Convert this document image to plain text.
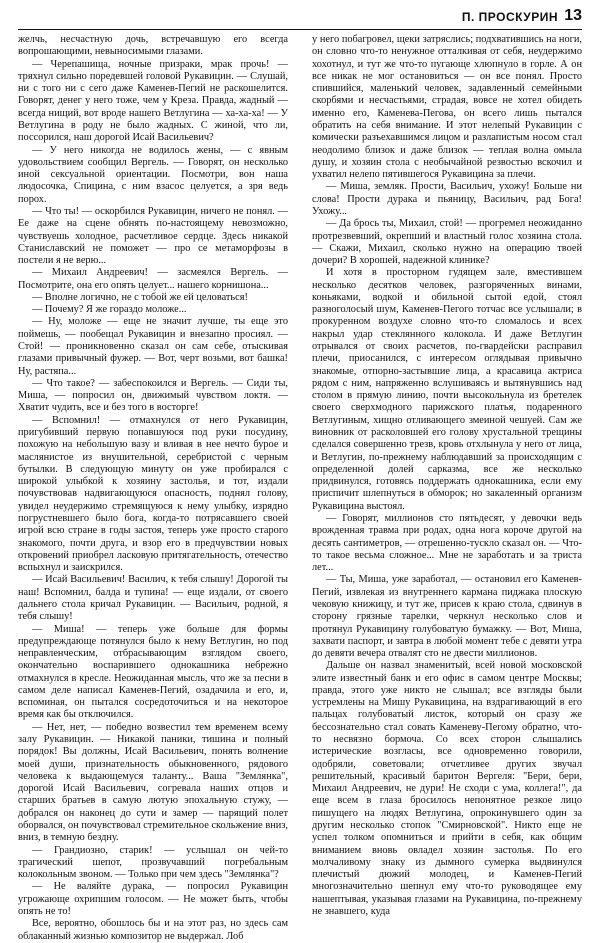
П. ПРОСКУРИН 13

желчь, несчастную дочь, встречавшую его всегда вопрошающими, невыносимыми глазами.

— Черепашища, ночные призраки, мрак прочь! — тряхнул сильно поредевшей головой Рукавицин. — Слушай, ни с того ни с сего даже Каменев-Пегий не раскошелится. Говорят, денег у него тоже, чем у Креза. Правда, жадный — всегда нищий, вот вроде нашего Ветлугина — ха-ха-ха! — У Ветлугина в роду не было жадных. С жиной, что ли, поссорился, наш дорогой Исай Васильевич?

— У него никогда не водилось жены, — с явным удовольствием сообщил Вергель. — Говорят, он несколько иной сексуальной ориентации. Посмотри, вон наша людосочка, Спицина, с ним взасос целуется, а зря ведь порох.

— Что ты! — оскорбился Рукавицин, ничего не понял. — Ее даже на сцене обнять по-настоящему невозможно, чувствуешь холодное, расчетливое сердце. Здесь никакой Станиславский не поможет — про се метаморфозы в постели я не верю...

— Михаил Андреевич! — засмеялся Вергель. — Посмотрите, она его опять целует... нашего корнишона...

— Вполне логично, не с тобой же ей целоваться!

— Почему? Я же гораздо моложе...

— Ну, моложе — еще не значит лучше, ты еще это поймешь, — пообещал Рукавицин и внезапно просиял. — Стой! — проникновенно сказал он сам себе, отыскивая глазами привычный фужер. — Вот, черт возьми, вот башка! Ну, растяпа...

— Что такое? — забеспокоился и Вергель. — Сиди ты, Миша, — попросил он, движимый чувством локтя. — Хватит чудить, все и без того в восторге!

— Вспомнил! — отмахнулся от него Рукавицин, пригубивший первую попавшуюся под руки посудину, похожую на небольшую вазу и вливая в нее нечто бурое и маслянистое из внушительной, серебристой с черным бутылки. В следующую минуту он уже пробирался с широкой улыбкой к хозяину застолья, и тот, издали почувствовав надвигающуюся опасность, поднял голову, увидел неудержимо стремящуюся к нему улыбку, изрядно погрустневшего было бога, когда-то потрясавшего своей игрой всю стране в годы застоя, теперь уже просто старого знакомого, почти друга, и взор его в предчувствии новых откровений приобрел ласковую притягательность, отечество вспыхнул и заискрился.

— Исай Васильевич! Василич, к тебя слышу! Дорогой ты наш! Вспомнил, балда и тупина! — еще издали, от своего дальнего стола кричал Рукавицин. — Васильич, родной, я тебя слышу!

— Миша! — теперь уже больше для формы предупреждающе потянулся было к нему Ветлугин, но под неправленческим, отбрасывающим взглядом своего, окончательно воспарившего однокашника небрежно отмахнулся в кресле. Неожиданная мысль, что же за песни в самом деле написал Каменев-Пегий, озадачила и его, и, вспоминая, он пытался сосредоточиться и на некоторое время как бы отключился.

— Нет, нет, — победно возвестил тем временем всему залу Рукавицин. — Никакой паники, тишина и полный порядок! Вы должны, Исай Васильевич, понять волнение моей души, признательность обыкновенного, рядового человека к выдающемуся таланту... Ваша "Землянка", дорогой Исай Васильевич, согревала наших отцов и старших братьев в самую лютую эпохальную стужу, — добрался он наконец до сути и замер — парящий полет оборвался, он почувствовал стремительное скольжение вниз, вниз, в темную бездну.

— Грандиозно, старик! — услышал он чей-то трагический шепот, прозвучавший погребальным колокольным звоном. — Только при чем здесь "Землянка"?

— Не валяйте дурака, — попросил Рукавицин угрожающе охрипшим голосом. — Не может быть, чтобы опять не то!

Все, вероятно, обошлось бы и на этот раз, но здесь сам облаканный жизнью композитор не выдержал. Лоб

у него побагровел, щеки затряслись; подхватившись на ноги, он словно что-то ненужное отталкивая от себя, неудержимо хохотнул, и тут же что-то пугающе хлюпнуло в горле. А он все никак не мог остановиться — он все понял. Просто спившийся, маленький человек, задавленный семейными скорбями и несчастьями, страдая, вовсе не хотел обидеть именно его, Каменева-Пегова, он всего лишь пытался обратить на себя внимание. И этот нелепый Рукавицин с комически разъехавшимся лицом и разлапистым носом стал неодолимо близок и даже близок — теплая волна омыла душу, и хозяин стола с необычайной резвостью вскочил и ухватил нелепо пятившегося Рукавицина за плечи.

— Миша, земляк. Прости, Васильич, ухожу! Больше ни слова! Прости дурака и пьяницу, Васильич, рад Бога! Ухожу...

— Да брось ты, Михаил, стой! — прогремел неожиданно протрезвевший, окрепший и властный голос хозяина стола. — Скажи, Михаил, сколько нужно на операцию твоей дочери? В хорошей, надежной клинике?

И хотя в просторном гудящем зале, вместившем несколько десятков человек, разгоряченных винами, коньяками, водкой и обильной сытой едой, стоял разноголосый шум, Каменев-Пегого тотчас все услышали; в прокуренном воздухе словно что-то сломалось и всех накрыл удар стеклянного колокола. И даже Ветлугин отрывался от своих расчетов, по-гвардейски расправил плечи, приосанился, с интересом оглядывая привычно знакомые, отпорно-застывшие лица, а красавица актриса рядом с ним, напряженно вслушиваясь и вытянувшись над столом в прямую линию, почти высокольнула из бретелек своего сверхмодного парижского платья, подаренного Ветлугиным, хищно отливающего змеиной чешуей. Сам же виновник от расколовшей его голову хрустальной трещины сделался совершенно трезв, кровь отхлынула у него от лица, и Ветлугин, по-прежнему наблюдавший за происходящим с определенной долей сарказма, все же несколько придвинулся, готовясь поддержать однокашника, если ему приспичит шлепнуться в обморок; но закаленный организм Рукавицина выстоял.

— Говорят, миллионов сто пятьдесят, у девочки ведь врожденная травма при родах, одна нога короче другой на десять сантиметров, — отрешенно-тускло сказал он. — Что-то такое весьма сложное... Мне не заработать и за триста лет...

— Ты, Миша, уже заработал, — остановил его Каменев-Пегий, извлекая из внутреннего кармана пиджака плоскую чековую книжицу, и тут же, присев к краю стола, сдвинув в сторону грязные тарелки, черкнул несколько слов и протянул Рукавицину голубоватую бумажку. — Вот, Миша, захвати паспорт, и завтра в любой момент тебе с девяти утра до девяти вечера отвалят сто не двести миллионов.

Дальше он назвал знаменитый, всей новой московской элите известный банк и его офис в самом центре Москвы; правда, этого уже никто не слышал; все взгляды были устремлены на Мишу Рукавицина, на вздрагивающий в его пальцах голубоватый листок, который он сразу же бессознательно стал совать Каменеву-Пегому обратно, что-то несвязно бормоча. Со всех сторон слышались истерические возгласы, все одновременно говорили, одобряли, советовали; отчетливее других звучал решительный, красивый баритон Вергеля: "Бери, бери, Михаил Андреевич, не дури! Не сходи с ума, коллега!", да еще всем в глаза бросилось непонятное резкое лицо пишущего на людях Ветлугина, опрокинувшего один за другим несколько стопок "Смирновской". Никто еще не успел толком опомниться и прийти в себя, как общим вниманием вновь овладел хозяин застолья. По его молчаливому знаку из дымного сумерка выдвинулся плечистый дюжий молодец, и Каменев-Пегий многозначительно шепнул ему что-то руководящее ему нашептывая, указывая глазами на Рукавицина, по-прежнему не знавшего, куда
